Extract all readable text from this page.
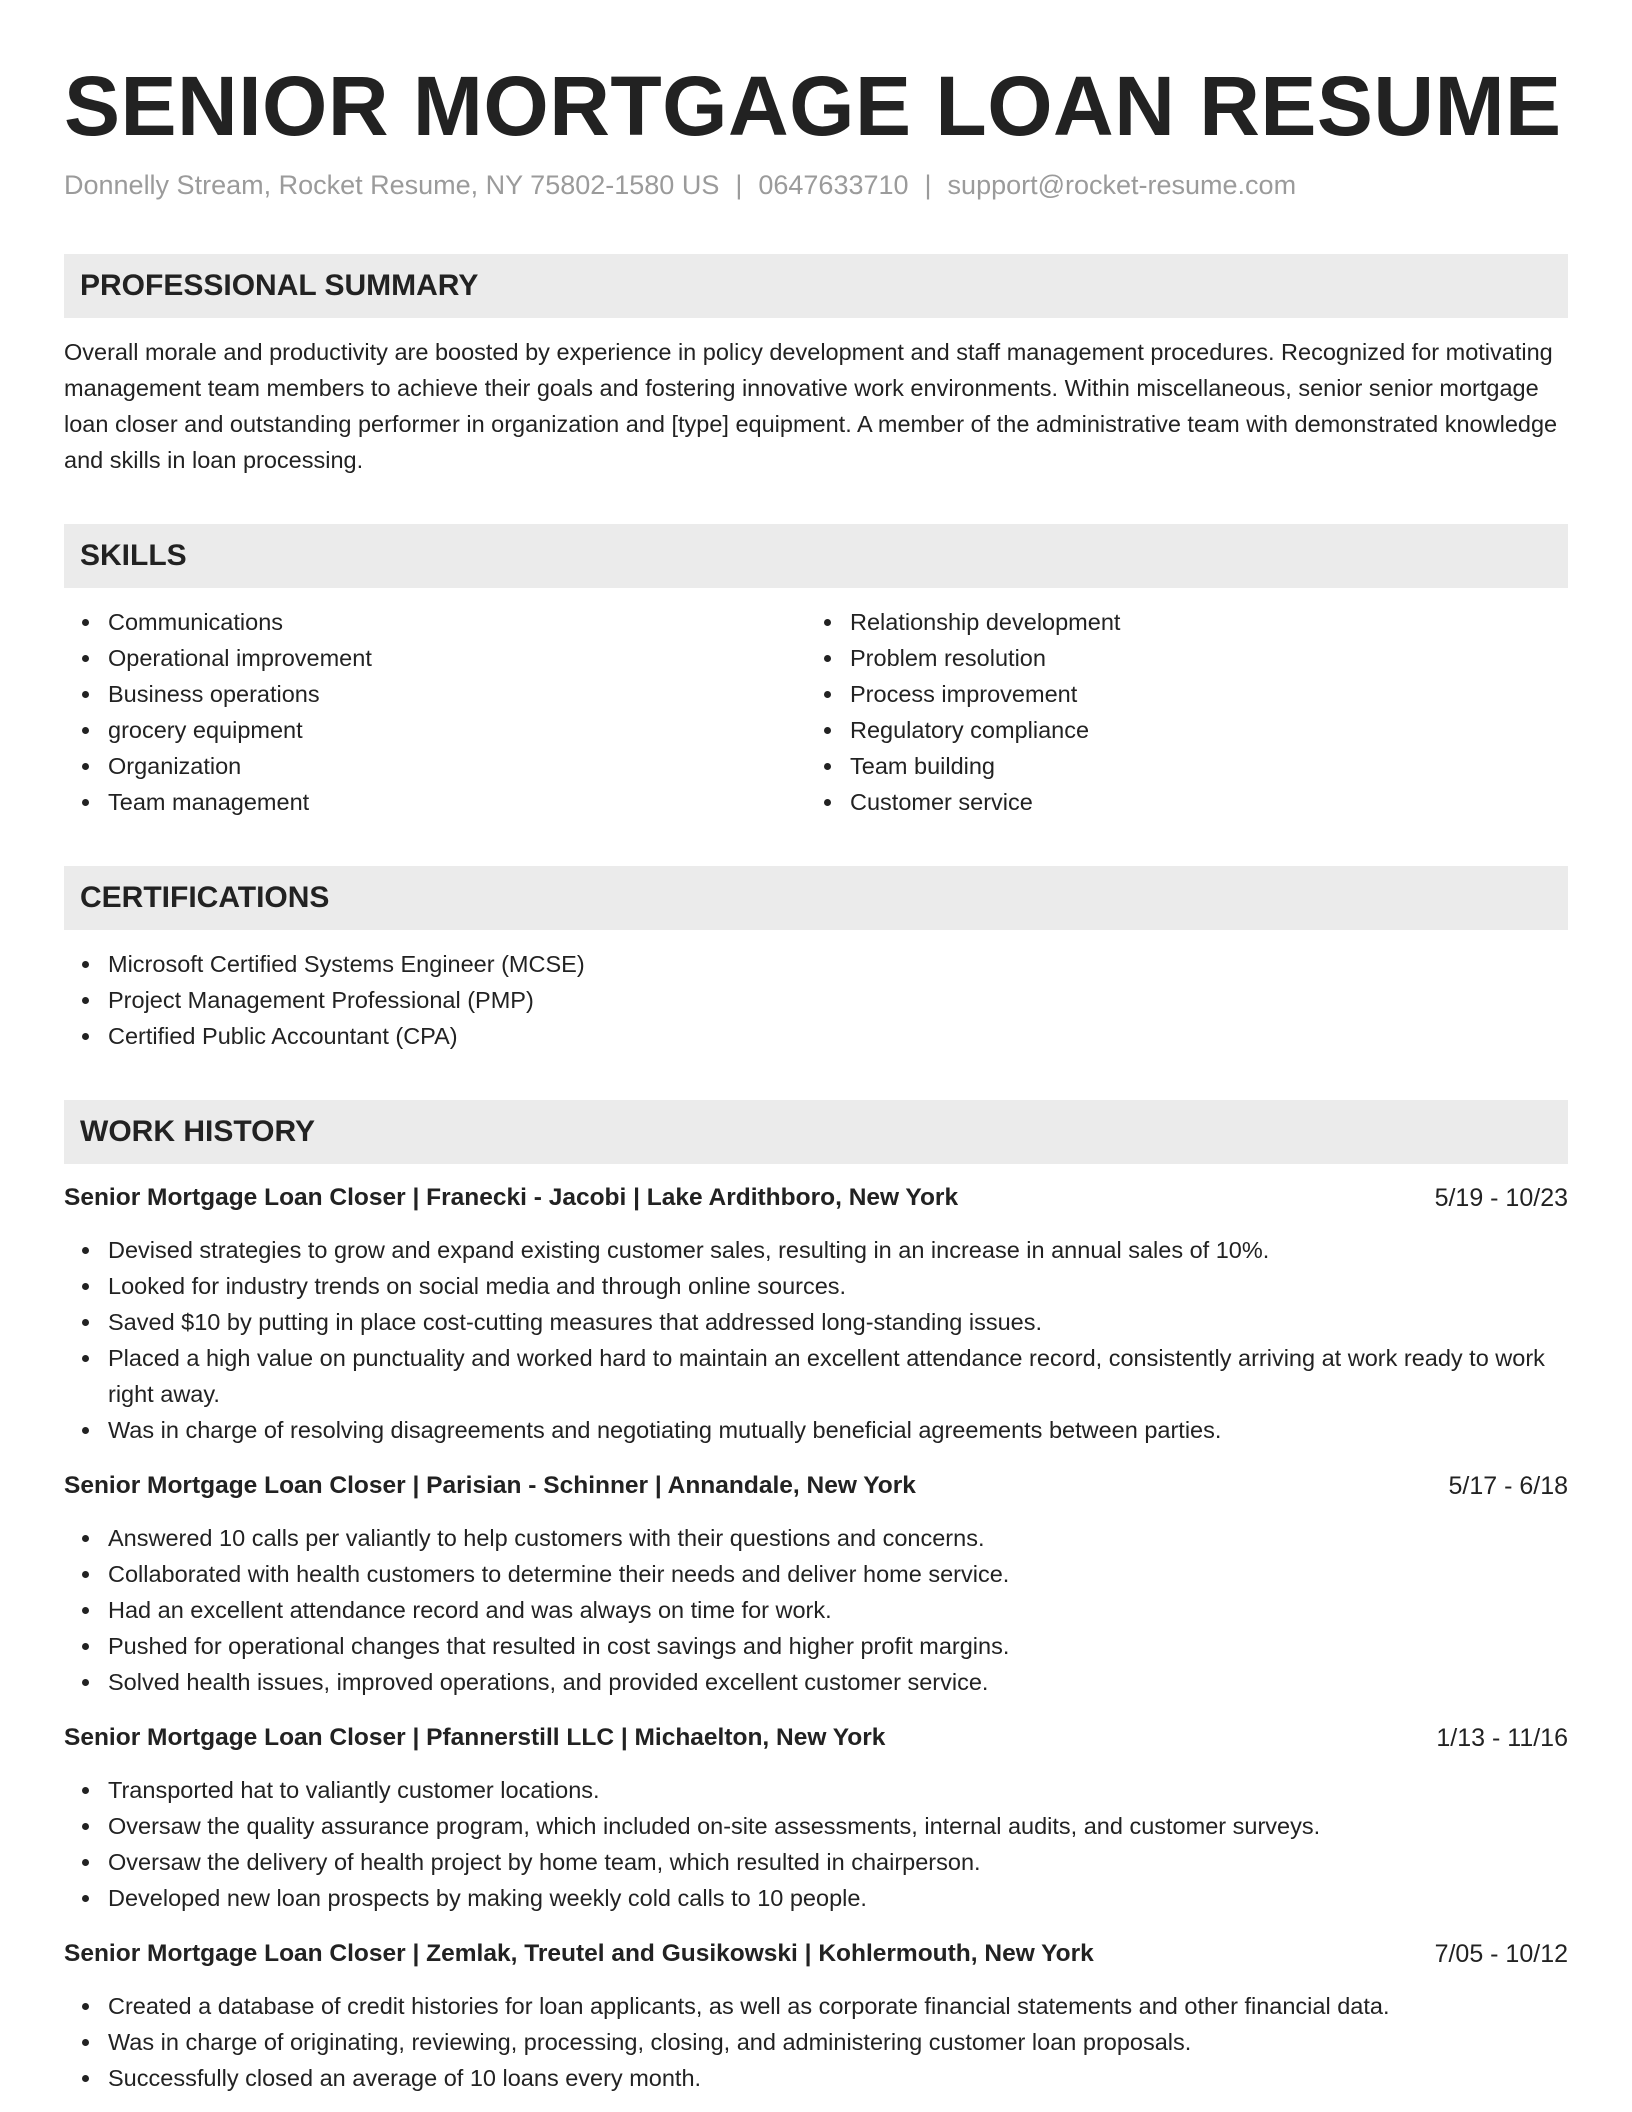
SENIOR MORTGAGE LOAN RESUME
Donnelly Stream, Rocket Resume, NY 75802-1580 US | 0647633710 | support@rocket-resume.com
PROFESSIONAL SUMMARY

Overall morale and productivity are boosted by experience in policy development and staff management procedures. Recognized for motivating management team members to achieve their goals and fostering innovative work environments. Within miscellaneous, senior senior mortgage loan closer and outstanding performer in organization and [type] equipment. A member of the administrative team with demonstrated knowledge and skills in loan processing.

SKILLS
Communications
Operational improvement
Business operations
grocery equipment
Organization
Team management
Relationship development
Problem resolution
Process improvement
Regulatory compliance
Team building
Customer service
CERTIFICATIONS
Microsoft Certified Systems Engineer (MCSE)
Project Management Professional (PMP)
Certified Public Accountant (CPA)
WORK HISTORY
Senior Mortgage Loan Closer | Franecki - Jacobi | Lake Ardithboro, New York	5/19 - 10/23
Devised strategies to grow and expand existing customer sales, resulting in an increase in annual sales of 10%.
Looked for industry trends on social media and through online sources.
Saved $10 by putting in place cost-cutting measures that addressed long-standing issues.
Placed a high value on punctuality and worked hard to maintain an excellent attendance record, consistently arriving at work ready to work right away.
Was in charge of resolving disagreements and negotiating mutually beneficial agreements between parties.
Senior Mortgage Loan Closer | Parisian - Schinner | Annandale, New York	5/17 - 6/18
Answered 10 calls per valiantly to help customers with their questions and concerns.
Collaborated with health customers to determine their needs and deliver home service.
Had an excellent attendance record and was always on time for work.
Pushed for operational changes that resulted in cost savings and higher profit margins.
Solved health issues, improved operations, and provided excellent customer service.
Senior Mortgage Loan Closer | Pfannerstill LLC | Michaelton, New York	1/13 - 11/16
Transported hat to valiantly customer locations.
Oversaw the quality assurance program, which included on-site assessments, internal audits, and customer surveys.
Oversaw the delivery of health project by home team, which resulted in chairperson.
Developed new loan prospects by making weekly cold calls to 10 people.
Senior Mortgage Loan Closer | Zemlak, Treutel and Gusikowski | Kohlermouth, New York	7/05 - 10/12
Created a database of credit histories for loan applicants, as well as corporate financial statements and other financial data.
Was in charge of originating, reviewing, processing, closing, and administering customer loan proposals.
Successfully closed an average of 10 loans every month.
